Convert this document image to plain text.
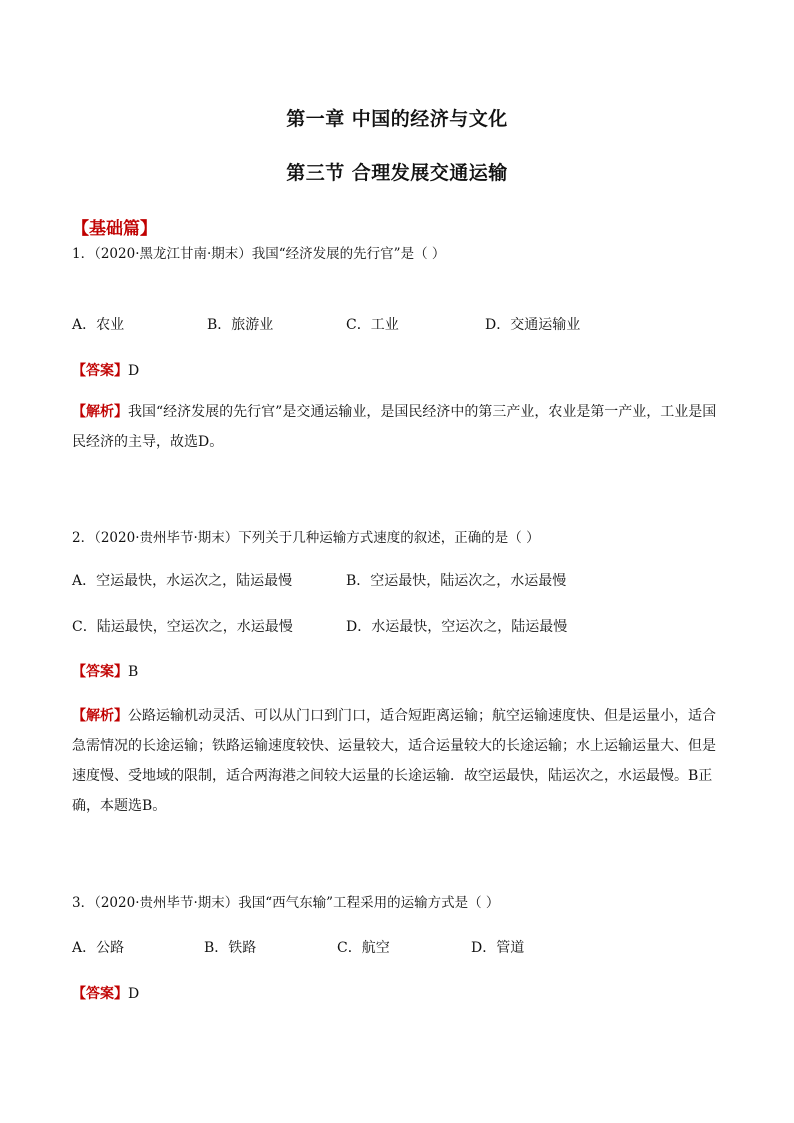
第一章 中国的经济与文化
第三节 合理发展交通运输
【基础篇】
1．（2020·黑龙江甘南·期末）我国“经济发展的先行官”是（ ）
A．农业	B．旅游业	C．工业	D．交通运输业
【答案】D
【解析】我国“经济发展的先行官”是交通运输业，是国民经济中的第三产业，农业是第一产业，工业是国民经济的主导，故选D。
2．（2020·贵州毕节·期末）下列关于几种运输方式速度的叙述，正确的是（ ）
A．空运最快，水运次之，陆运最慢	B．空运最快，陆运次之，水运最慢
C．陆运最快，空运次之，水运最慢	D．水运最快，空运次之，陆运最慢
【答案】B
【解析】公路运输机动灵活、可以从门口到门口，适合短距离运输；航空运输速度快、但是运量小，适合急需情况的长途运输；铁路运输速度较快、运量较大，适合运量较大的长途运输；水上运输运量大、但是速度慢、受地域的限制，适合两海港之间较大运量的长途运输．故空运最快，陆运次之，水运最慢。B正确，本题选B。
3．（2020·贵州毕节·期末）我国“西气东输”工程采用的运输方式是（ ）
A．公路	B．铁路	C．航空	D．管道
【答案】D
